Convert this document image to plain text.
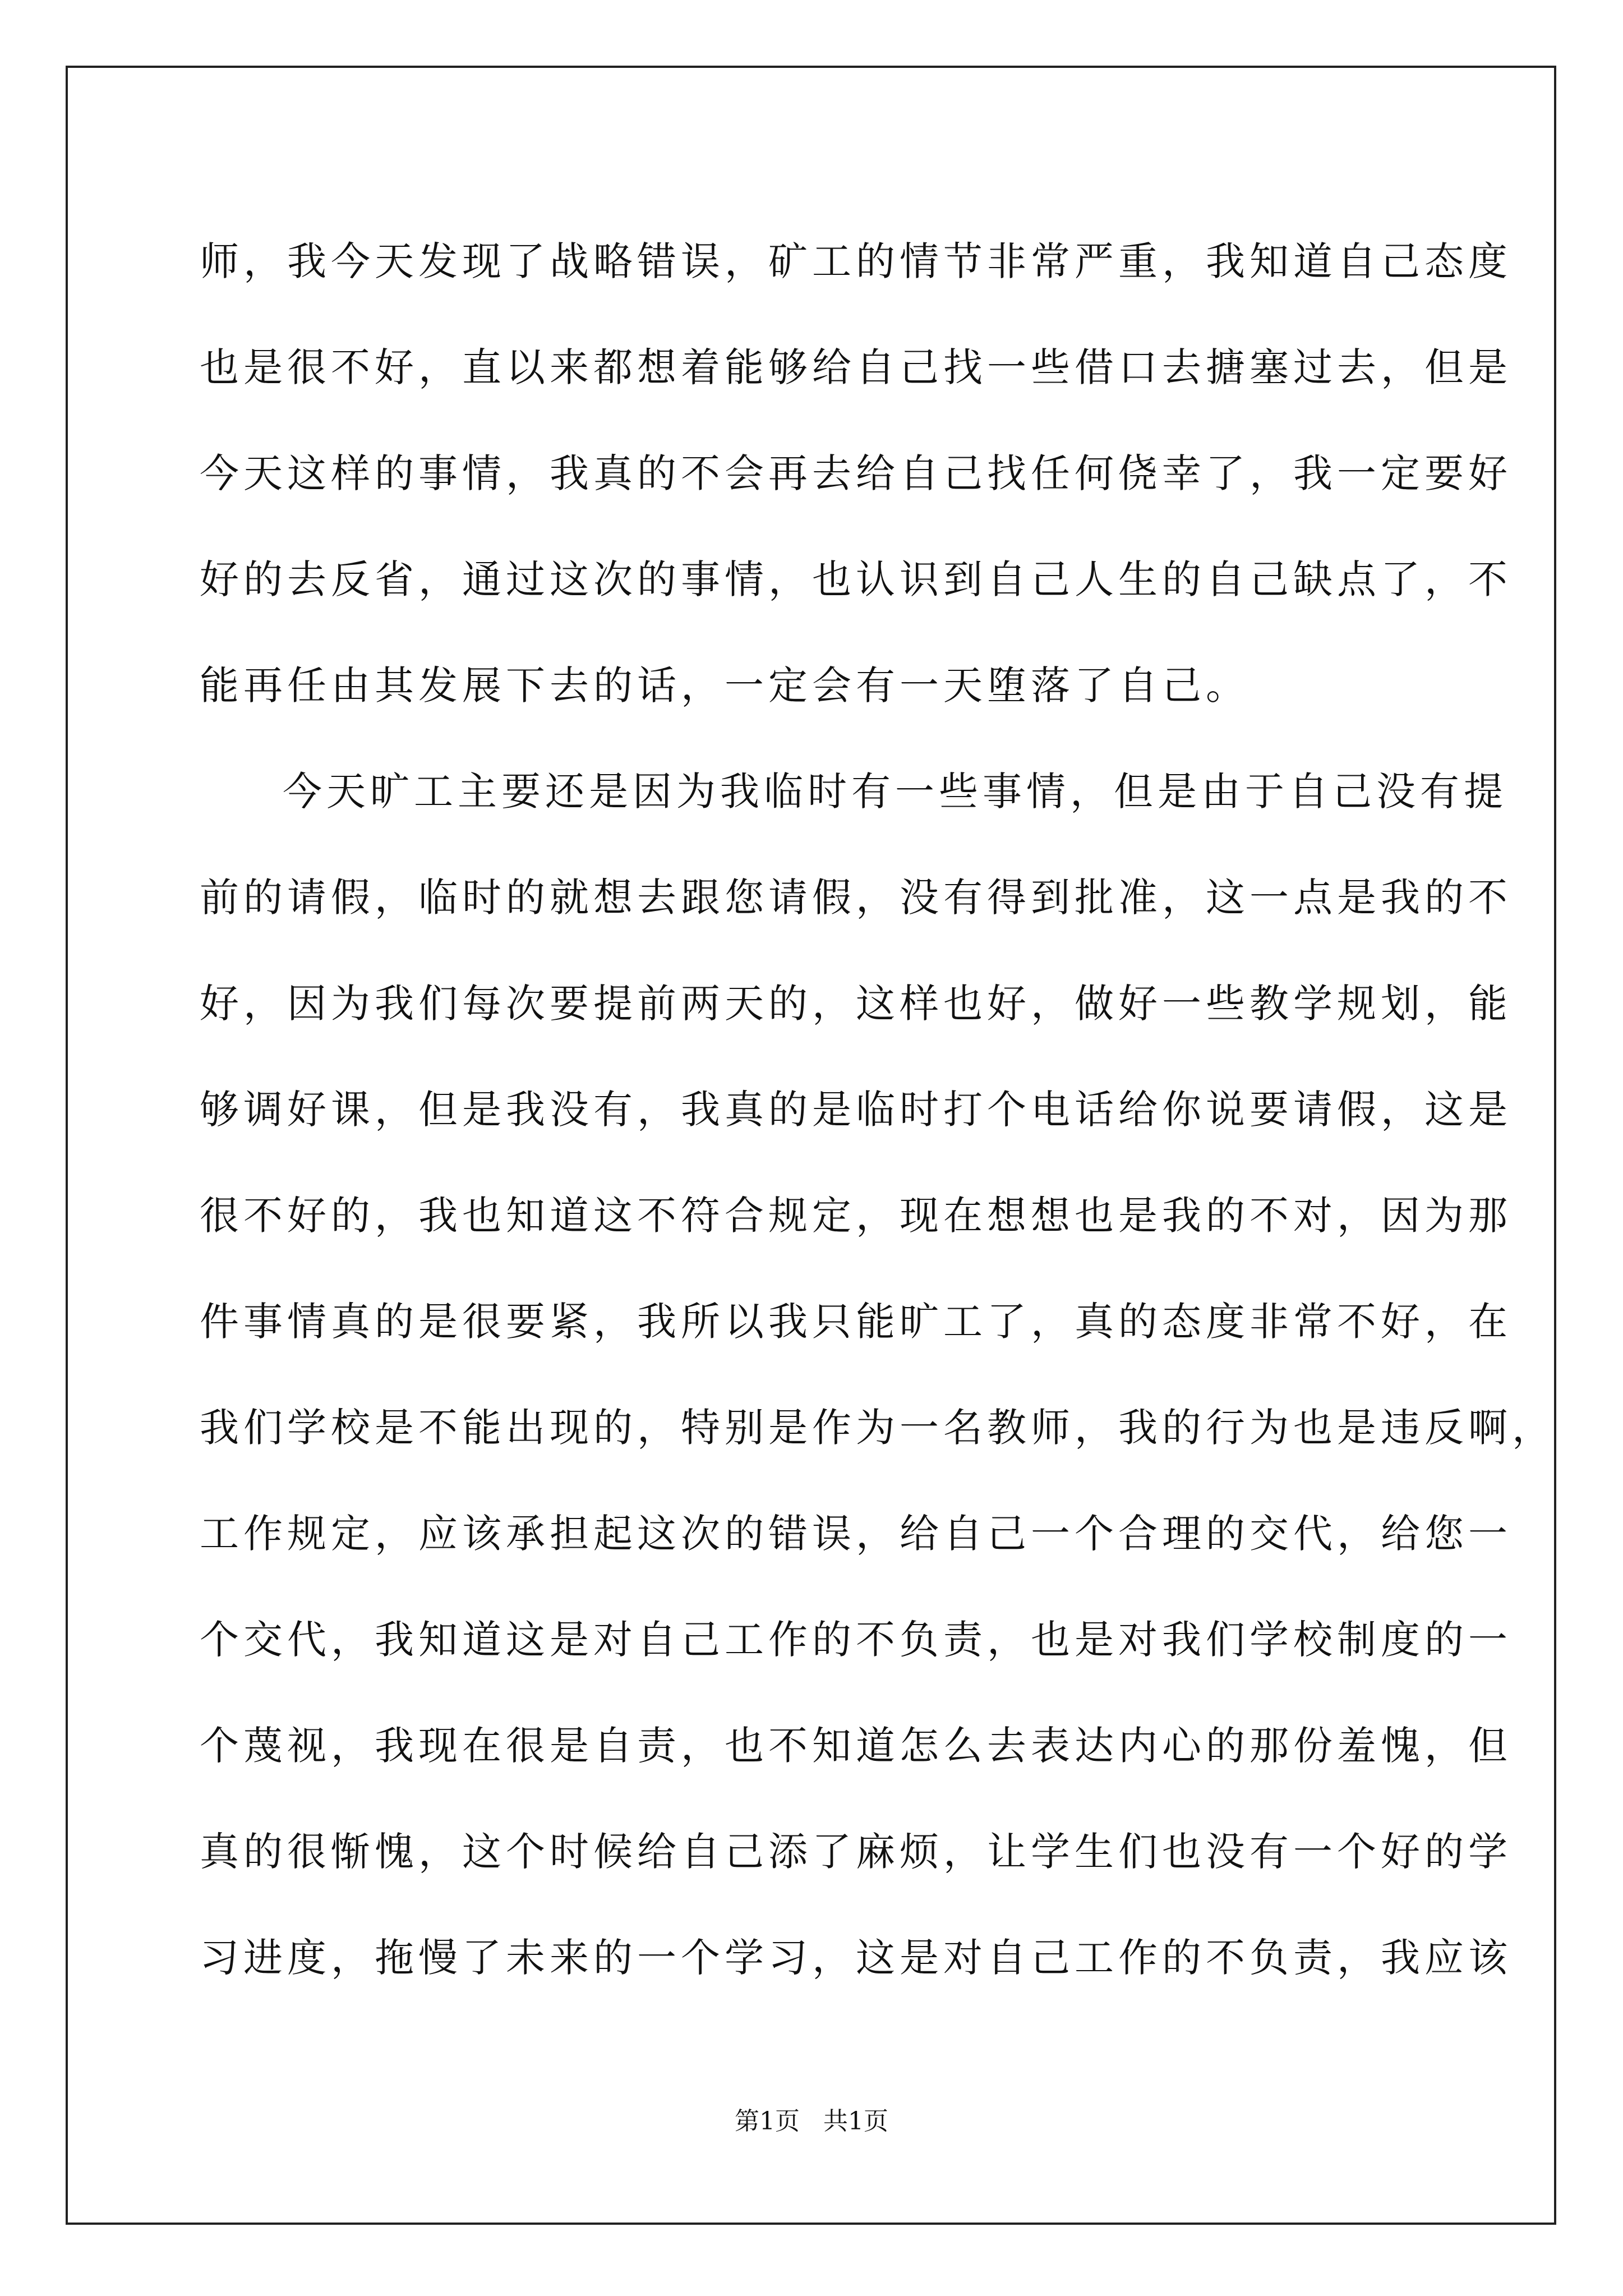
师，我今天发现了战略错误，矿工的情节非常严重，我知道自己态度
也是很不好，直以来都想着能够给自己找一些借口去搪塞过去，但是
今天这样的事情，我真的不会再去给自己找任何侥幸了，我一定要好
好的去反省，通过这次的事情，也认识到自己人生的自己缺点了，不
能再任由其发展下去的话，一定会有一天堕落了自己。
今天旷工主要还是因为我临时有一些事情，但是由于自己没有提
前的请假，临时的就想去跟您请假，没有得到批准，这一点是我的不
好，因为我们每次要提前两天的，这样也好，做好一些教学规划，能
够调好课，但是我没有，我真的是临时打个电话给你说要请假，这是
很不好的，我也知道这不符合规定，现在想想也是我的不对，因为那
件事情真的是很要紧，我所以我只能旷工了，真的态度非常不好，在
我们学校是不能出现的，特别是作为一名教师，我的行为也是违反啊，
工作规定，应该承担起这次的错误，给自己一个合理的交代，给您一
个交代，我知道这是对自己工作的不负责，也是对我们学校制度的一
个蔑视，我现在很是自责，也不知道怎么去表达内心的那份羞愧，但
真的很惭愧，这个时候给自己添了麻烦，让学生们也没有一个好的学
习进度，拖慢了未来的一个学习，这是对自己工作的不负责，我应该
第1页   共1页
